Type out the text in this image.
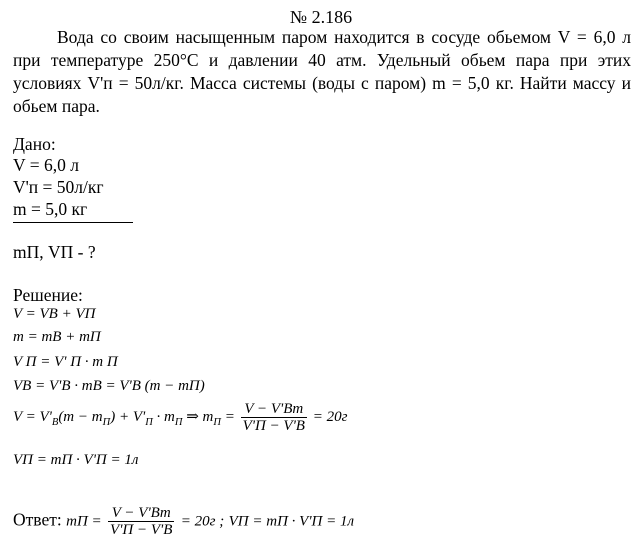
№ 2.186
Вода со своим насыщенным паром находится в сосуде обьемом V = 6,0 л при температуре 250°С и давлении 40 атм. Удельный обьем пара при этих условиях V'п = 50л/кг. Масса системы (воды с паром) m = 5,0 кг. Найти массу и обьем пара.
Дано:
V = 6,0 л
V'п = 50л/кг
m = 5,0 кг
mП, VП - ?
Решение:
V = VВ + VП
m = mВ + mП
V П = V' П · m П
VВ = V'В · mВ = V'В (m − mП)
$V = V'_В(m - m_П) + V'_П \cdot m_П$ ⇒ $m_П = \frac{V - V'Вm}{V'П - V'В} = 20г$
VП = mП · V'П = 1л
Ответ: mП = $\frac{V - V'Вm}{V'П - V'В} = 20г$ ; VП = mП · V'П = 1л
